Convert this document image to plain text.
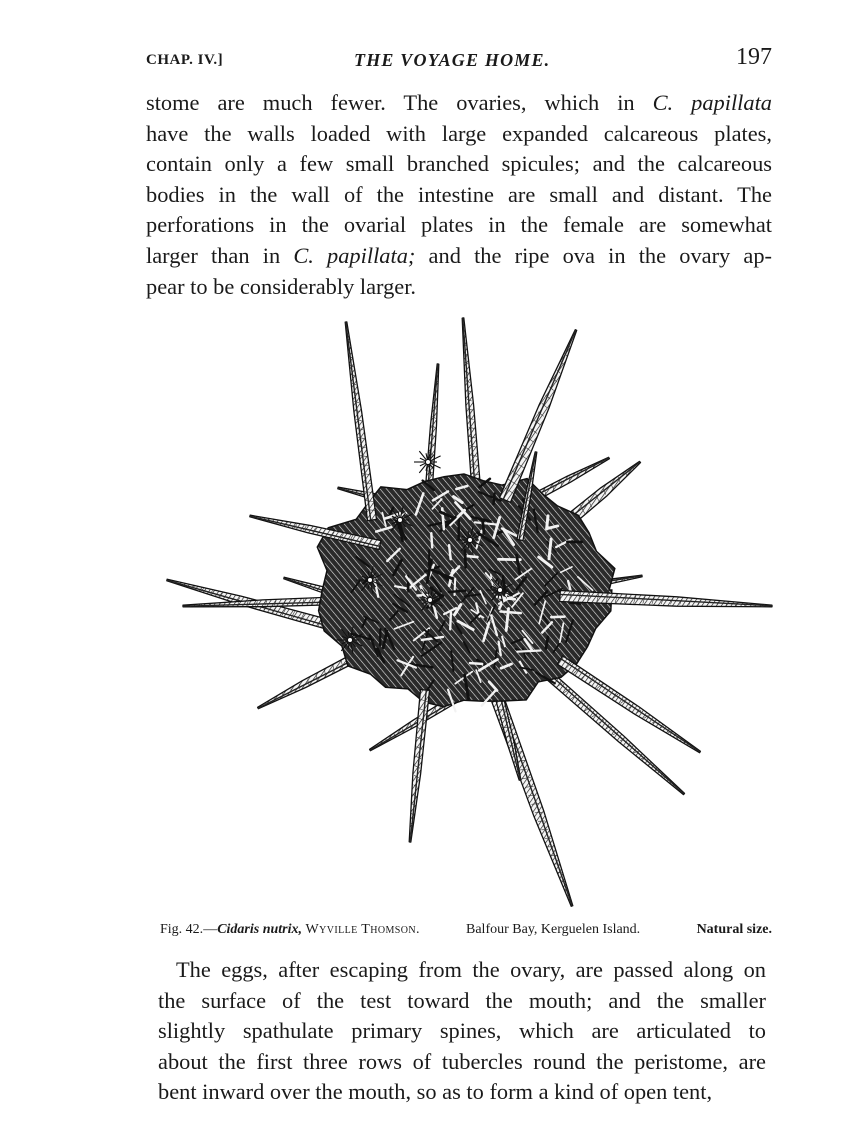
CHAP. IV.]	THE VOYAGE HOME.	197
stome are much fewer. The ovaries, which in C. papillata
have the walls loaded with large expanded calcareous plates,
contain only a few small branched spicules; and the calcareous
bodies in the wall of the intestine are small and distant. The
perforations in the ovarial plates in the female are somewhat
larger than in C. papillata; and the ripe ova in the ovary ap-
pear to be considerably larger.
Fig. 42.—Cidaris nutrix, Wyville Thomson.	Balfour Bay, Kerguelen Island.	Natural size.
The eggs, after escaping from the ovary, are passed along on
the surface of the test toward the mouth; and the smaller
slightly spathulate primary spines, which are articulated to
about the first three rows of tubercles round the peristome, are
bent inward over the mouth, so as to form a kind of open tent,
